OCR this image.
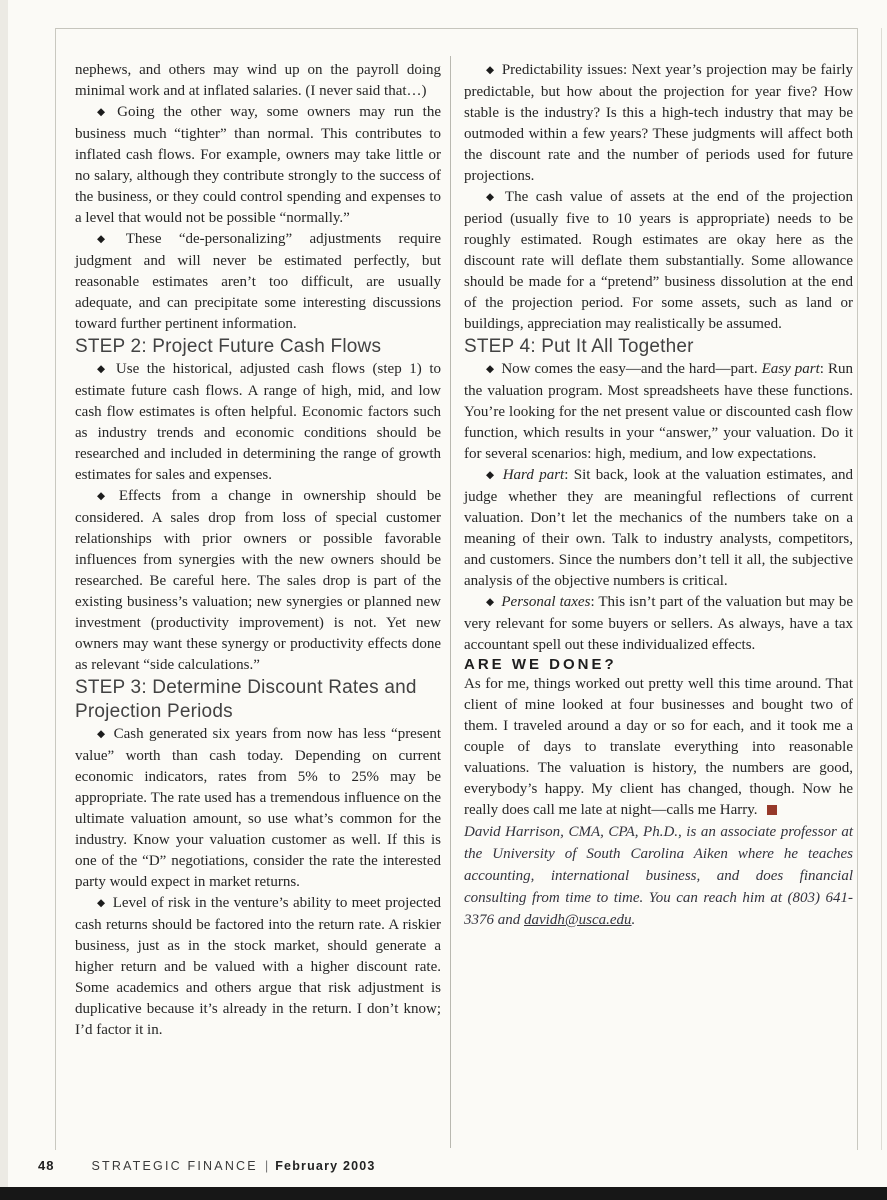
nephews, and others may wind up on the payroll doing minimal work and at inflated salaries. (I never said that…)

◆ Going the other way, some owners may run the business much “tighter” than normal. This contributes to inflated cash flows. For example, owners may take little or no salary, although they contribute strongly to the success of the business, or they could control spending and expenses to a level that would not be possible “normally.”

◆ These “de-personalizing” adjustments require judgment and will never be estimated perfectly, but reasonable estimates aren’t too difficult, are usually adequate, and can precipitate some interesting discussions toward further pertinent information.

STEP 2: Project Future Cash Flows

◆ Use the historical, adjusted cash flows (step 1) to estimate future cash flows. A range of high, mid, and low cash flow estimates is often helpful. Economic factors such as industry trends and economic conditions should be researched and included in determining the range of growth estimates for sales and expenses.

◆ Effects from a change in ownership should be considered. A sales drop from loss of special customer relationships with prior owners or possible favorable influences from synergies with the new owners should be researched. Be careful here. The sales drop is part of the existing business’s valuation; new synergies or planned new investment (productivity improvement) is not. Yet new owners may want these synergy or productivity effects done as relevant “side calculations.”

STEP 3: Determine Discount Rates and Projection Periods

◆ Cash generated six years from now has less “present value” worth than cash today. Depending on current economic indicators, rates from 5% to 25% may be appropriate. The rate used has a tremendous influence on the ultimate valuation amount, so use what’s common for the industry. Know your valuation customer as well. If this is one of the “D” negotiations, consider the rate the interested party would expect in market returns.

◆ Level of risk in the venture’s ability to meet projected cash returns should be factored into the return rate. A riskier business, just as in the stock market, should generate a higher return and be valued with a higher discount rate. Some academics and others argue that risk adjustment is duplicative because it’s already in the return. I don’t know; I’d factor it in.

◆ Predictability issues: Next year’s projection may be fairly predictable, but how about the projection for year five? How stable is the industry? Is this a high-tech industry that may be outmoded within a few years? These judgments will affect both the discount rate and the number of periods used for future projections.

◆ The cash value of assets at the end of the projection period (usually five to 10 years is appropriate) needs to be roughly estimated. Rough estimates are okay here as the discount rate will deflate them substantially. Some allowance should be made for a “pretend” business dissolution at the end of the projection period. For some assets, such as land or buildings, appreciation may realistically be assumed.

STEP 4: Put It All Together

◆ Now comes the easy—and the hard—part. Easy part: Run the valuation program. Most spreadsheets have these functions. You’re looking for the net present value or discounted cash flow function, which results in your “answer,” your valuation. Do it for several scenarios: high, medium, and low expectations.

◆ Hard part: Sit back, look at the valuation estimates, and judge whether they are meaningful reflections of current valuation. Don’t let the mechanics of the numbers take on a meaning of their own. Talk to industry analysts, competitors, and customers. Since the numbers don’t tell it all, the subjective analysis of the objective numbers is critical.

◆ Personal taxes: This isn’t part of the valuation but may be very relevant for some buyers or sellers. As always, have a tax accountant spell out these individualized effects.

ARE WE DONE?

As for me, things worked out pretty well this time around. That client of mine looked at four businesses and bought two of them. I traveled around a day or so for each, and it took me a couple of days to translate everything into reasonable valuations. The valuation is history, the numbers are good, everybody’s happy. My client has changed, though. Now he really does call me late at night—calls me Harry.

David Harrison, CMA, CPA, Ph.D., is an associate professor at the University of South Carolina Aiken where he teaches accounting, international business, and does financial consulting from time to time. You can reach him at (803) 641-3376 and davidh@usca.edu.

48	STRATEGIC FINANCE | February 2003
